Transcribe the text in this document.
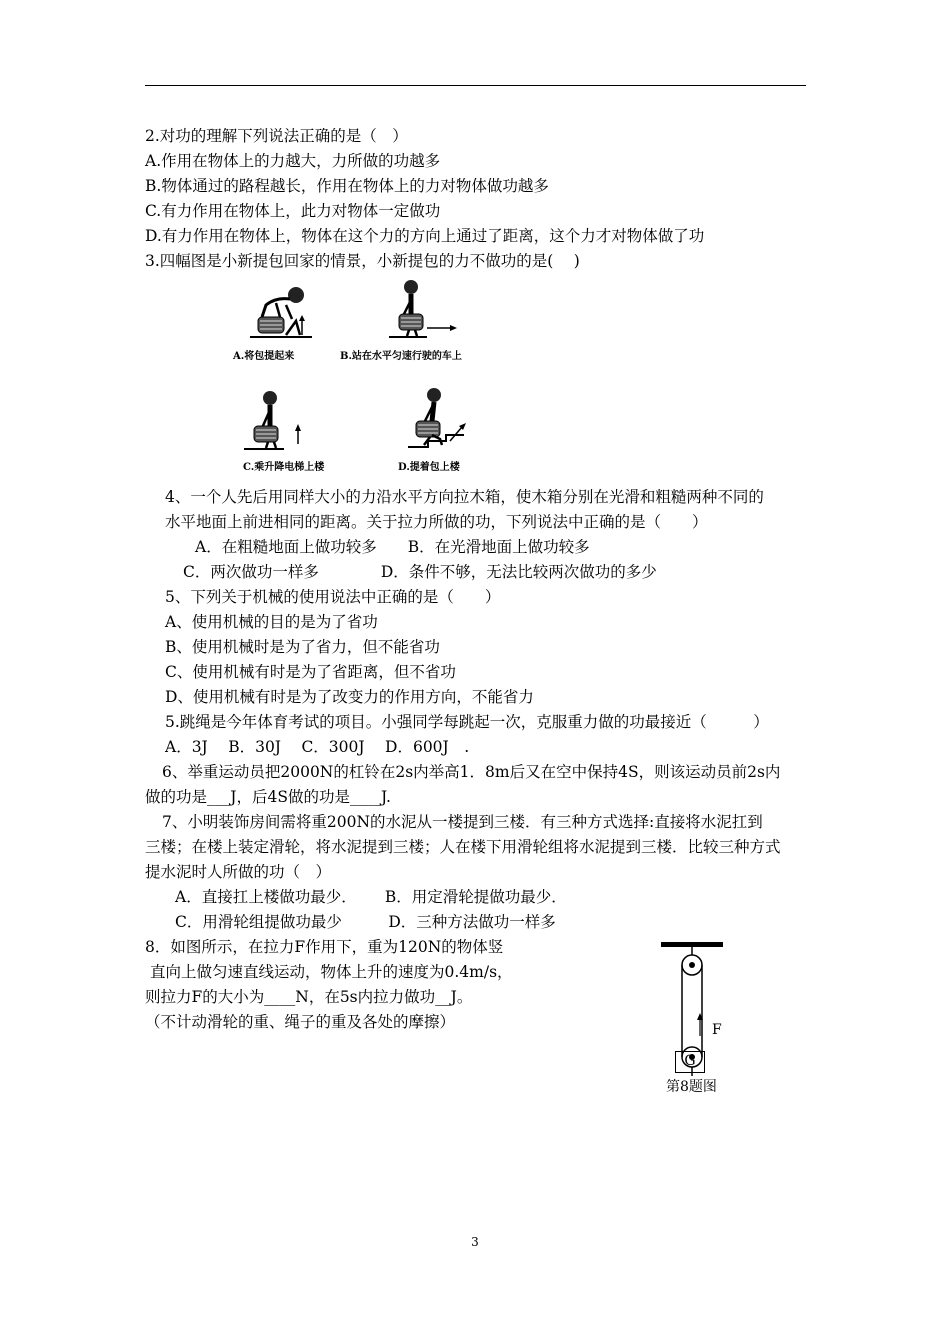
2.对功的理解下列说法正确的是（　）
A.作用在物体上的力越大，力所做的功越多
B.物体通过的路程越长，作用在物体上的力对物体做功越多
C.有力作用在物体上，此力对物体一定做功
D.有力作用在物体上，物体在这个力的方向上通过了距离，这个力才对物体做了功
3.四幅图是小新提包回家的情景，小新提包的力不做功的是(　 )
A.将包提起来	B.站在水平匀速行驶的车上
C.乘升降电梯上楼	D.提着包上楼
4、一个人先后用同样大小的力沿水平方向拉木箱，使木箱分别在光滑和粗糙两种不同的
水平地面上前进相同的距离。关于拉力所做的功，下列说法中正确的是（　　）
A．在粗糙地面上做功较多　　B．在光滑地面上做功较多
C．两次做功一样多　　　　D．条件不够，无法比较两次做功的多少
5、下列关于机械的使用说法中正确的是（　　）
A、使用机械的目的是为了省功
B、使用机械时是为了省力，但不能省功
C、使用机械有时是为了省距离，但不省功
D、使用机械有时是为了改变力的作用方向，不能省力
5.跳绳是今年体育考试的项目。小强同学每跳起一次，克服重力做的功最接近（　　　）
A．3J　 B．30J　 C．300J　 D．600J　.
6、举重运动员把2000N的杠铃在2s内举高1．8m后又在空中保持4S，则该运动员前2s内
做的功是___J，后4S做的功是____J.
7、小明装饰房间需将重200N的水泥从一楼提到三楼．有三种方式选择:直接将水泥扛到
三楼；在楼上装定滑轮，将水泥提到三楼；人在楼下用滑轮组将水泥提到三楼．比较三种方式
提水泥时人所做的功（　）
A．直接扛上楼做功最少．　　 B．用定滑轮提做功最少．
C．用滑轮组提做功最少　　　D．三种方法做功一样多
8．如图所示，在拉力F作用下，重为120N的物体竖
直向上做匀速直线运动，物体上升的速度为0.4m/s，
则拉力F的大小为____N，在5s内拉力做功__J。
（不计动滑轮的重、绳子的重及各处的摩擦）	F
G
第8题图
3
